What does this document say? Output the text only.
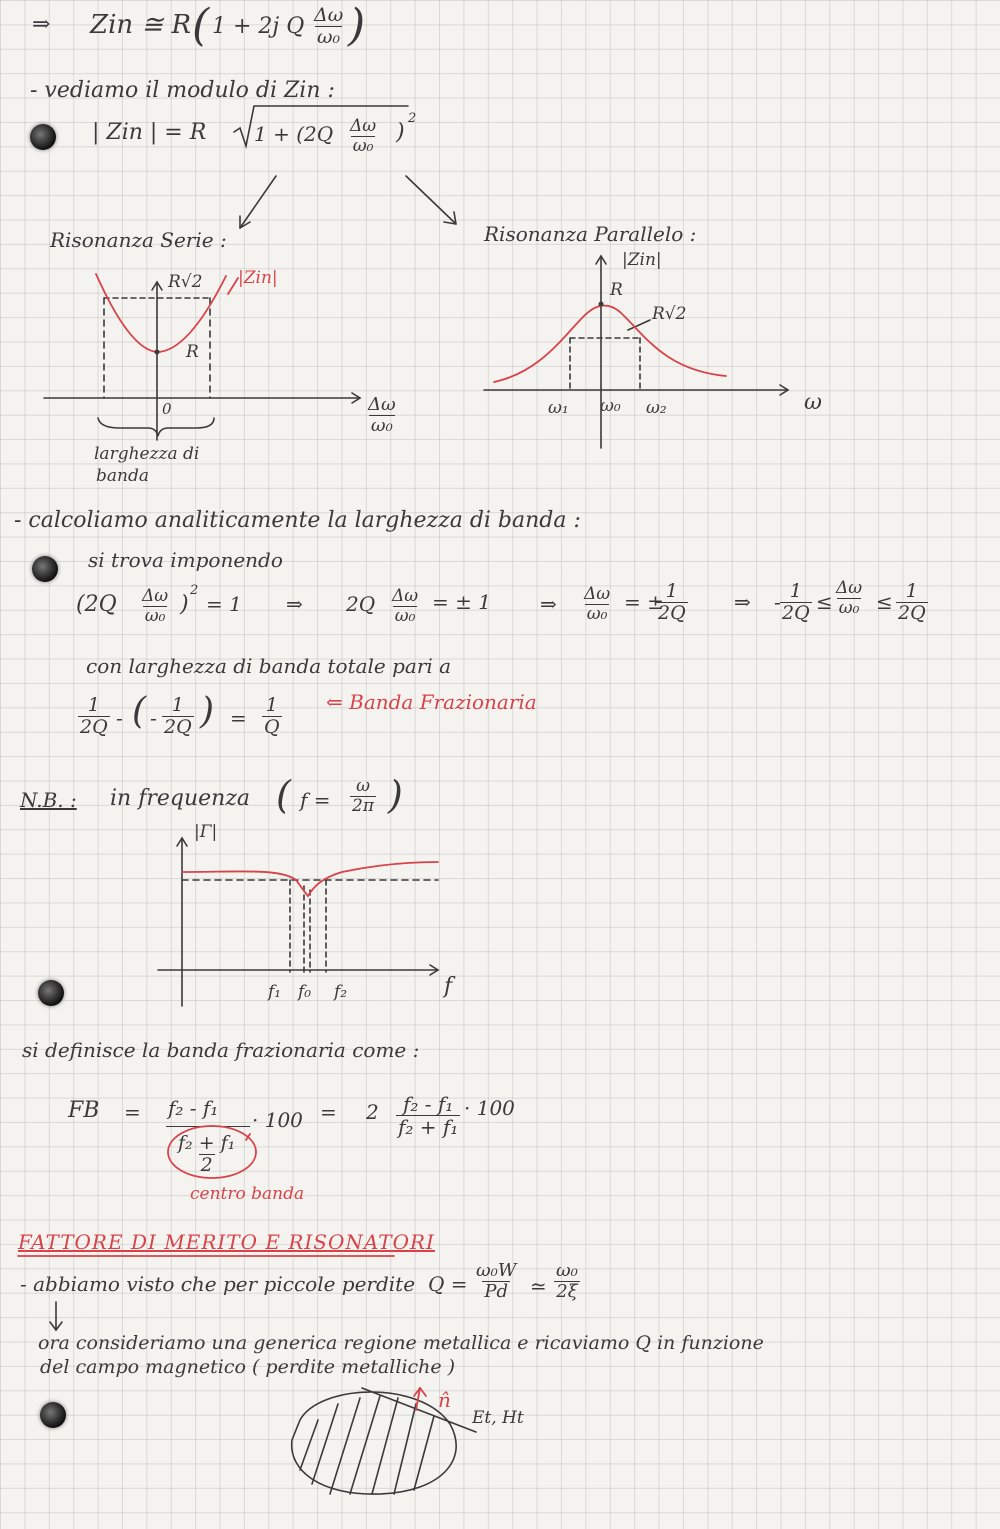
⇒ Zin ≅ R ( 1 + 2j Q $\frac{\Delta\omega}{\text{ω₀}}$ )
- vediamo il modulo di Zin :
| Zin | = R $1 + (2Q \frac{\Delta\omega}{\text{ω₀}}$ )
2
Risonanza Serie :
R√2 |Zin|
R
0	$\frac{\Delta\omega}{\text{ω₀}}$
larghezza di
banda
Risonanza Parallelo :
|Zin|
R
R√2
ω₁ ω₀ ω₂	ω
- calcoliamo analiticamente la larghezza di banda :
si trova imponendo
($2Q \frac{\Delta\omega}{\text{ω₀}}$ )
2
= 1 ⇒ $2Q \frac{\Delta\omega}{\text{ω₀}}$ = ± 1 ⇒ $\frac{\Delta\omega}{\text{ω₀}}$ = ±
$\frac{1}{2Q}$ ⇒ - $\frac{1}{2Q} \le \frac{\Delta\omega}{\text{ω₀}} \le \frac{1}{2Q}$
con larghezza di banda totale pari a
$\frac{1}{2Q}$ - ( - $\frac{1}{2Q}$ ) = $\frac{1}{Q}$ ⇐ Banda Frazionaria
N.B. : in frequenza ( $f = \frac{\omega}{2\pi}$ )
|Γ|
f₁ f₀ f₂	f
si definisce la banda frazionaria come :
FB = f₂ - f₁
$\frac{\text{f₂ + f₁}}{2}$
· $100 = 2 \frac{\text{f₂ - f₁}}{\text{f₂ + f₁}} \cdot 100$
centro banda
FATTORE DI MERITO E RISONATORI
- abbiamo visto che per piccole perdite $Q = \frac{\text{ω₀W}}{Pd}$ ≃ $\frac{\text{ω₀}}{2\xi}$
ora consideriamo una generica regione metallica e ricaviamo Q in funzione
del campo magnetico ( perdite metalliche )
n̂
Et, Ht
